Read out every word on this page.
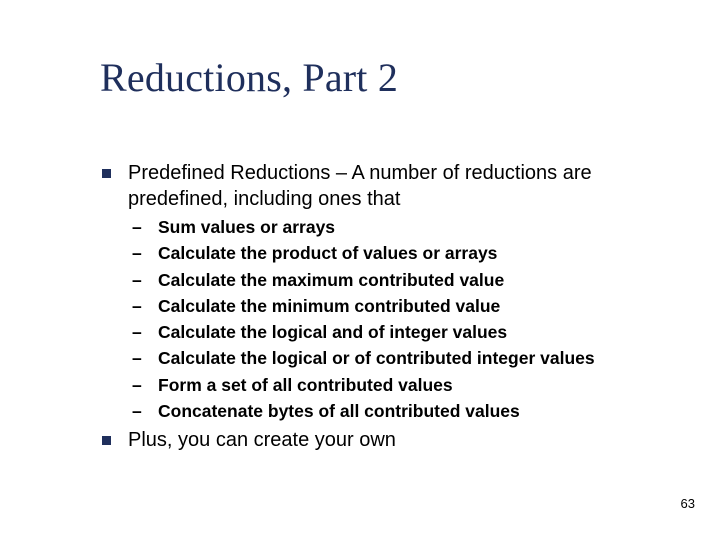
Reductions, Part 2
Predefined Reductions – A number of reductions are
predefined, including ones that
– Sum values or arrays
– Calculate the product of values or arrays
– Calculate the maximum contributed value
– Calculate the minimum contributed value
– Calculate the logical and of integer values
– Calculate the logical or of contributed integer values
– Form a set of all contributed values
– Concatenate bytes of all contributed values
Plus, you can create your own
63
